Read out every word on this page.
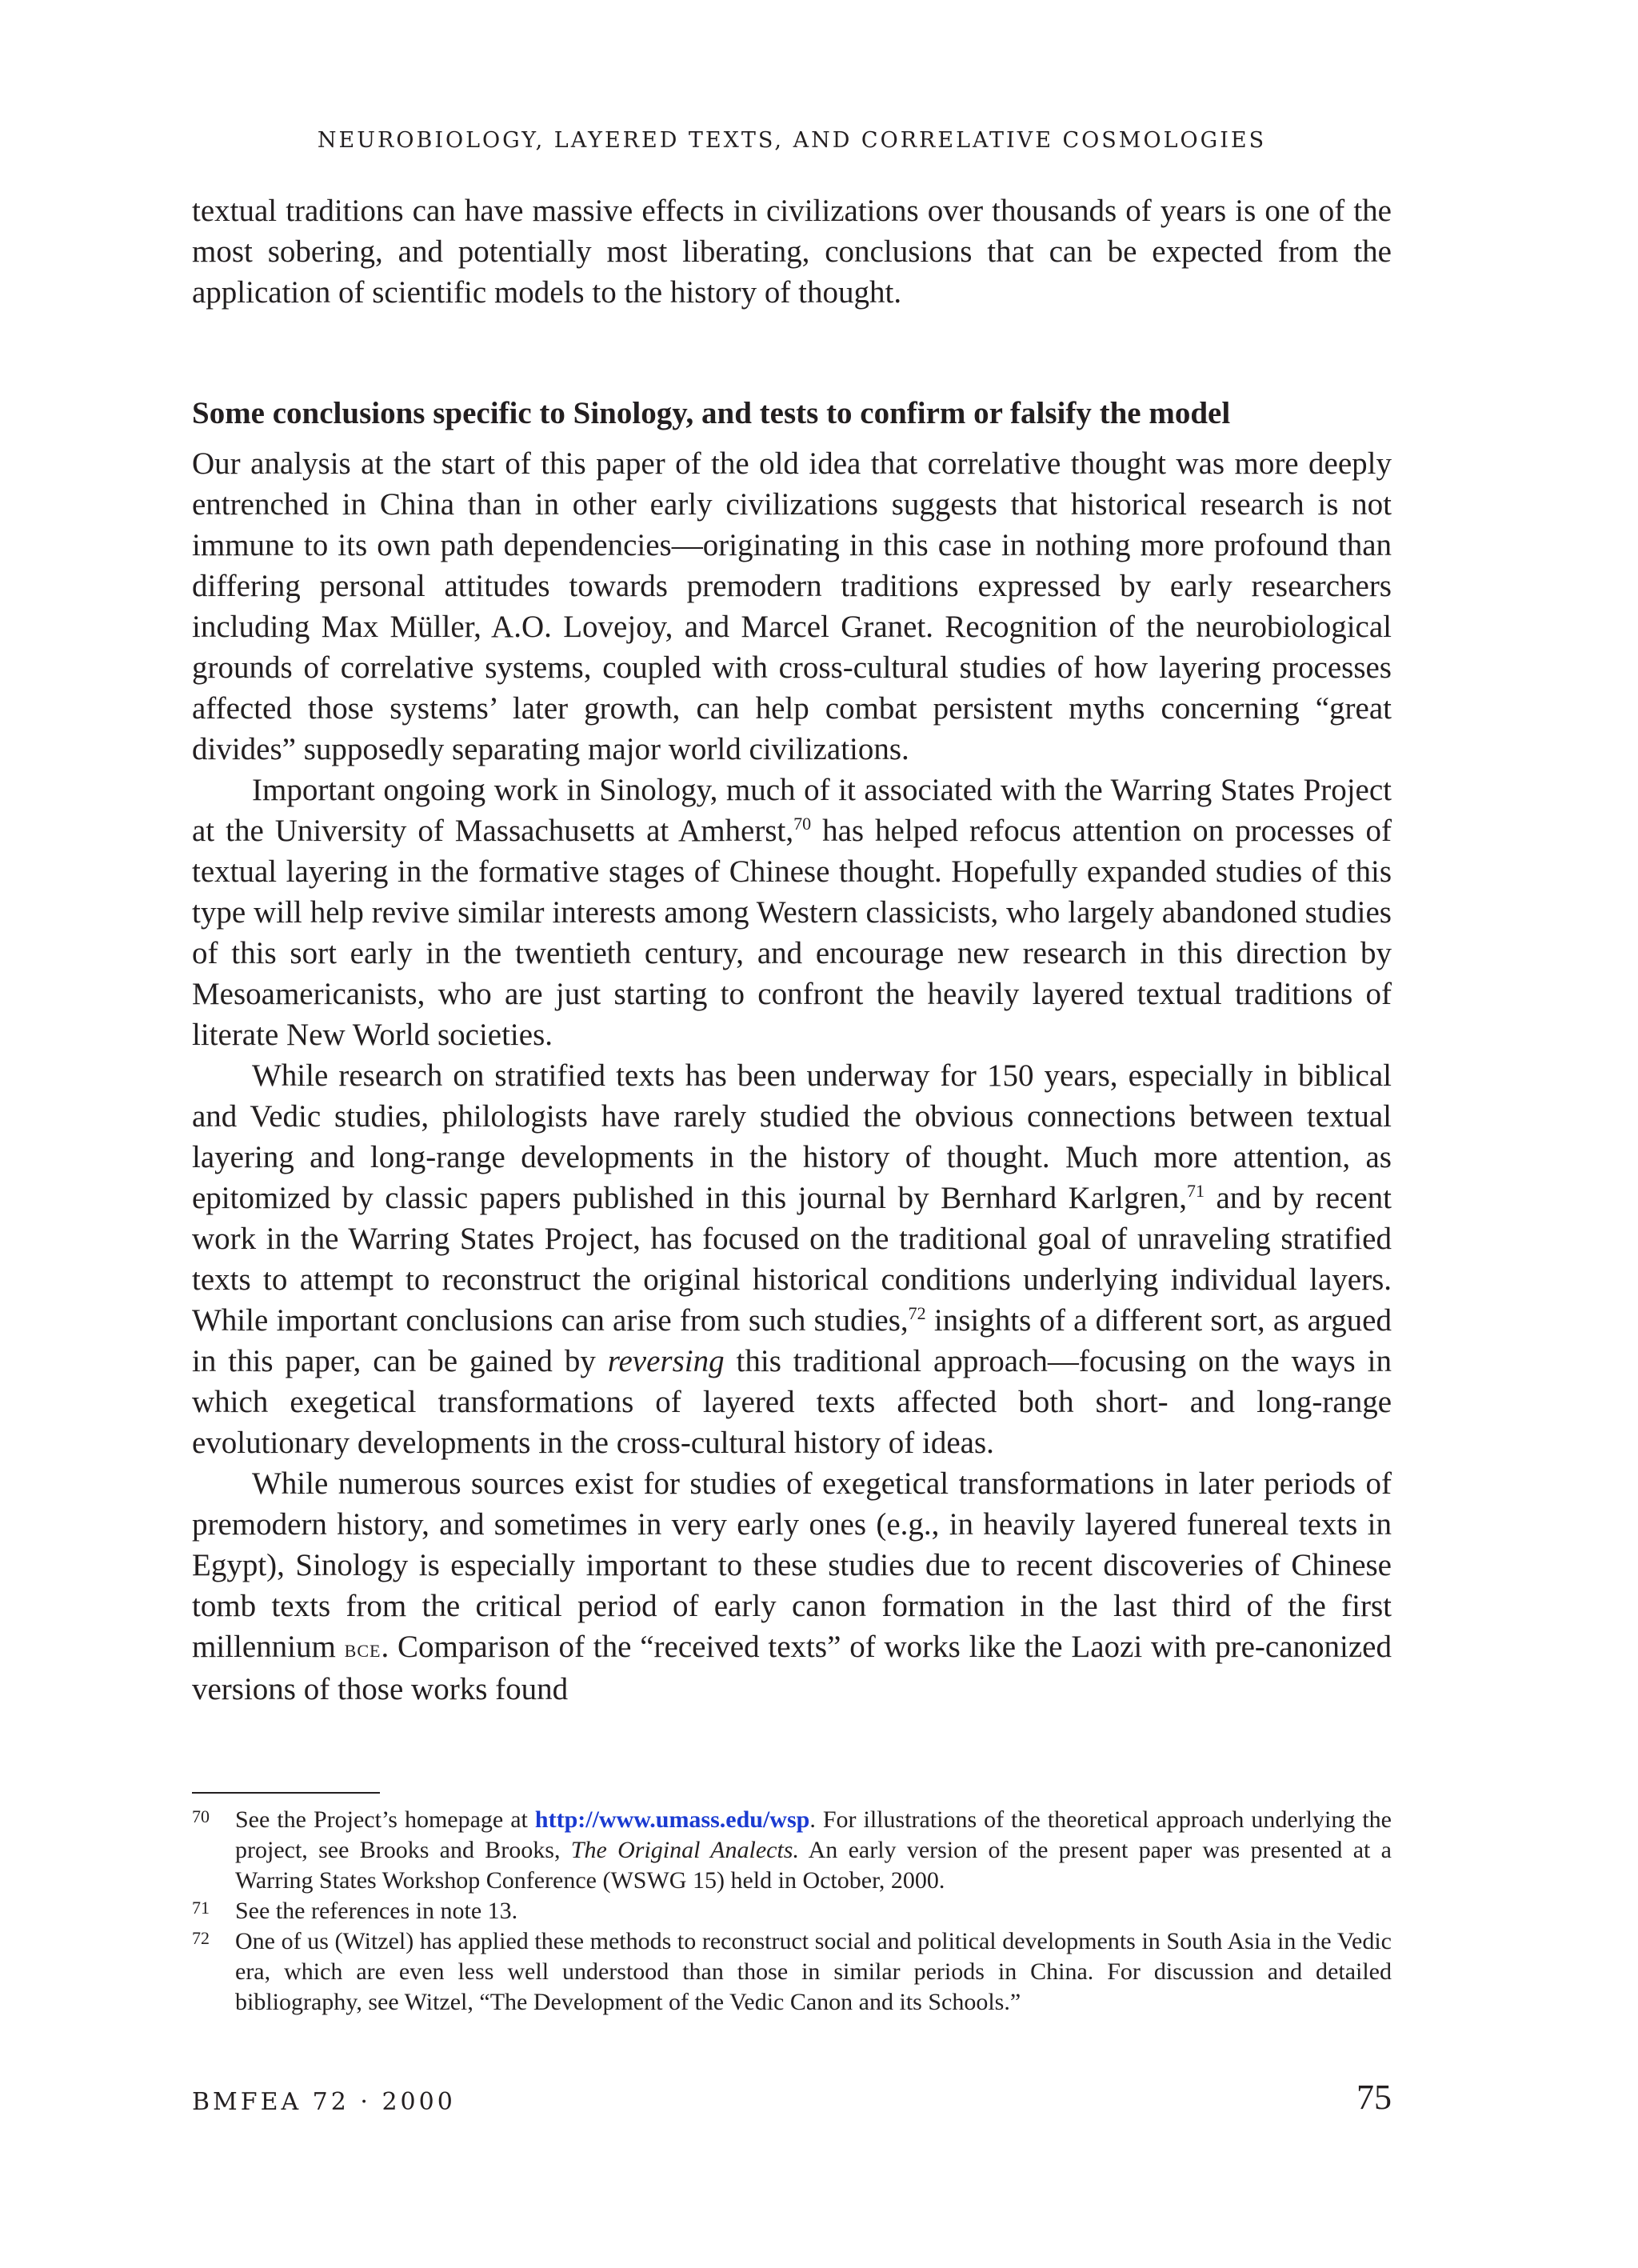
NEUROBIOLOGY, LAYERED TEXTS, AND CORRELATIVE COSMOLOGIES

textual traditions can have massive effects in civilizations over thousands of years is one of the most sobering, and potentially most liberating, conclusions that can be expected from the application of scientific models to the history of thought.

Some conclusions specific to Sinology, and tests to confirm or falsify the model

Our analysis at the start of this paper of the old idea that correlative thought was more deeply entrenched in China than in other early civilizations suggests that historical research is not immune to its own path dependencies—originating in this case in nothing more profound than differing personal attitudes towards premodern traditions expressed by early researchers including Max Müller, A.O. Lovejoy, and Marcel Granet. Recognition of the neurobiological grounds of correlative systems, coupled with cross-cultural studies of how layering processes affected those systems’ later growth, can help combat persistent myths concerning “great divides” supposedly separating major world civilizations.

Important ongoing work in Sinology, much of it associated with the Warring States Project at the University of Massachusetts at Amherst,$^{70}$ has helped refocus attention on processes of textual layering in the formative stages of Chinese thought. Hopefully expanded studies of this type will help revive similar interests among Western classicists, who largely abandoned studies of this sort early in the twentieth century, and encourage new research in this direction by Mesoamericanists, who are just starting to confront the heavily layered textual traditions of literate New World societies.

While research on stratified texts has been underway for 150 years, especially in biblical and Vedic studies, philologists have rarely studied the obvious connections between textual layering and long-range developments in the history of thought. Much more attention, as epitomized by classic papers published in this journal by Bernhard Karlgren,$^{71}$ and by recent work in the Warring States Project, has focused on the traditional goal of unraveling stratified texts to attempt to reconstruct the original historical conditions underlying individual layers. While important conclusions can arise from such studies,$^{72}$ insights of a different sort, as argued in this paper, can be gained by reversing this traditional approach—focusing on the ways in which exegetical transformations of layered texts affected both short- and long-range evolutionary developments in the cross-cultural history of ideas.

While numerous sources exist for studies of exegetical transformations in later periods of premodern history, and sometimes in very early ones (e.g., in heavily layered funereal texts in Egypt), Sinology is especially important to these studies due to recent discoveries of Chinese tomb texts from the critical period of early canon formation in the last third of the first millennium bce. Comparison of the “received texts” of works like the Laozi with pre-canonized versions of those works found

70 See the Project’s homepage at http://www.umass.edu/wsp. For illustrations of the theoretical approach underlying the project, see Brooks and Brooks, The Original Analects. An early version of the present paper was presented at a Warring States Workshop Conference (WSWG 15) held in October, 2000.

71 See the references in note 13.

72 One of us (Witzel) has applied these methods to reconstruct social and political developments in South Asia in the Vedic era, which are even less well understood than those in similar periods in China. For discussion and detailed bibliography, see Witzel, “The Development of the Vedic Canon and its Schools.”

BMFEA 72 · 2000	75
